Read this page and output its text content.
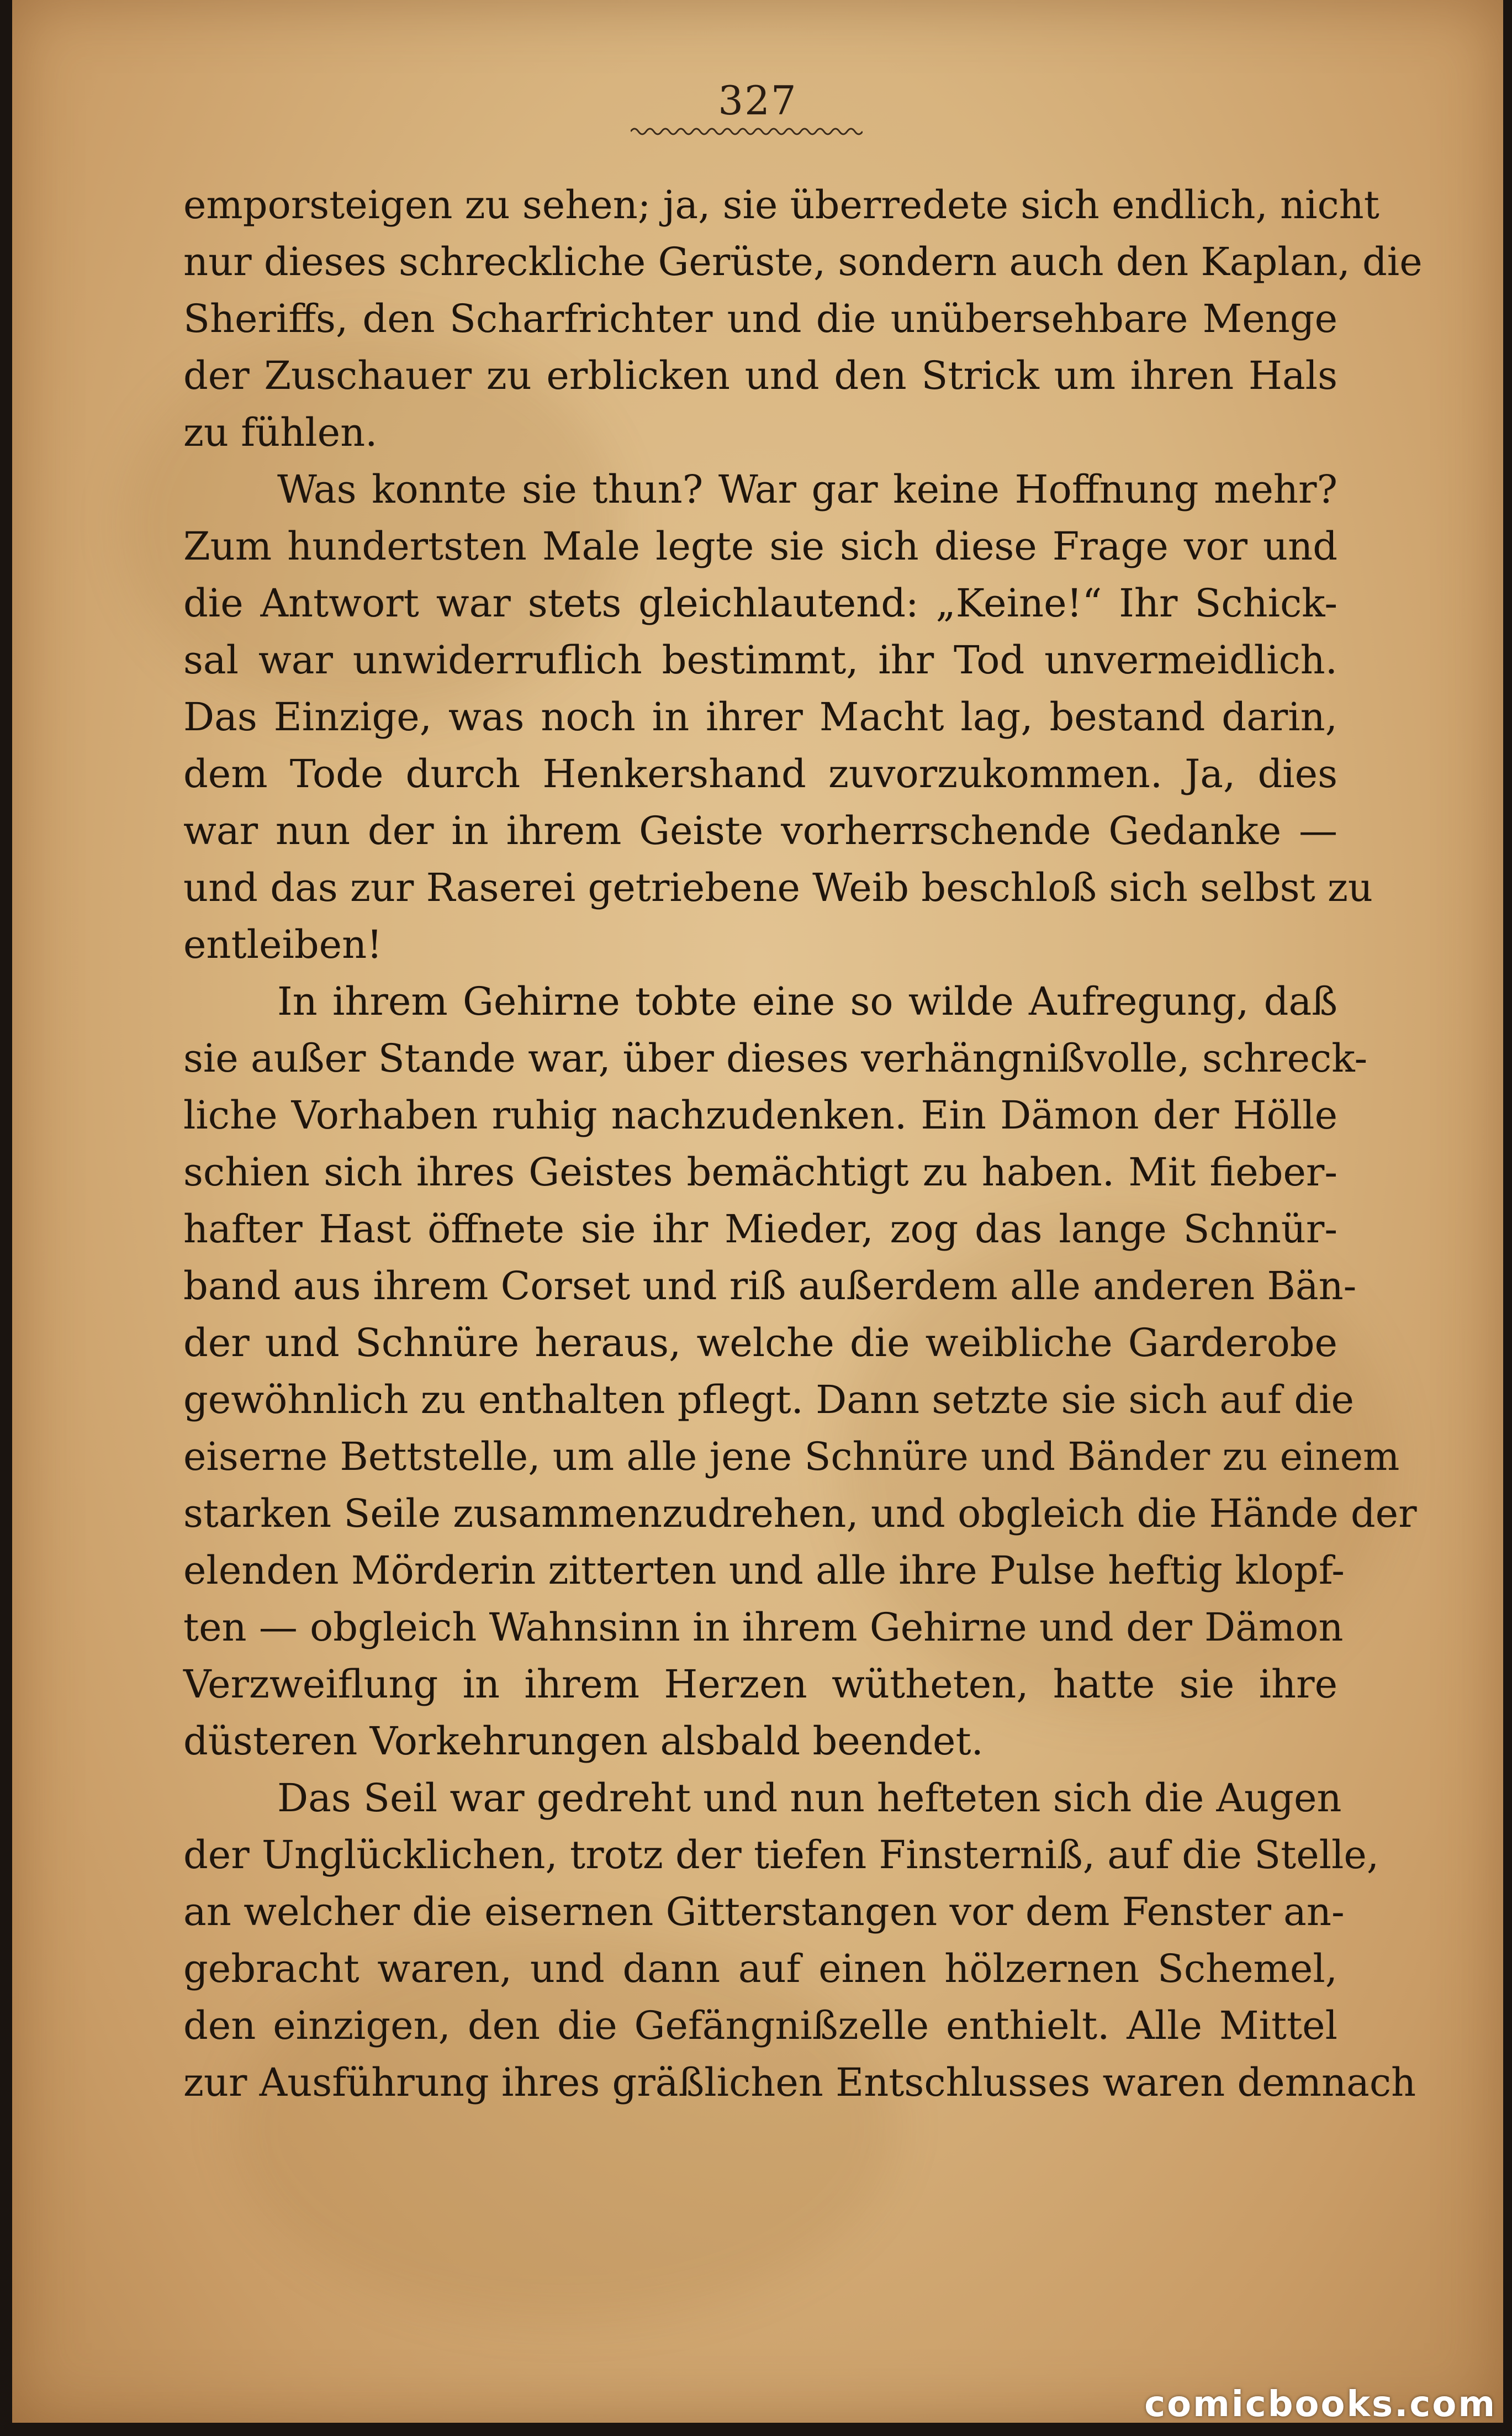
327
emporsteigen zu sehen; ja, sie überredete sich endlich, nicht
nur dieses schreckliche Gerüste, sondern auch den Kaplan, die
Sheriffs, den Scharfrichter und die unübersehbare Menge
der Zuschauer zu erblicken und den Strick um ihren Hals
zu fühlen.
Was konnte sie thun? War gar keine Hoffnung mehr?
Zum hundertsten Male legte sie sich diese Frage vor und
die Antwort war stets gleichlautend: „Keine!“ Ihr Schick-
sal war unwiderruflich bestimmt, ihr Tod unvermeidlich.
Das Einzige, was noch in ihrer Macht lag, bestand darin,
dem Tode durch Henkershand zuvorzukommen. Ja, dies
war nun der in ihrem Geiste vorherrschende Gedanke —
und das zur Raserei getriebene Weib beschloß sich selbst zu
entleiben!
In ihrem Gehirne tobte eine so wilde Aufregung, daß
sie außer Stande war, über dieses verhängnißvolle, schreck-
liche Vorhaben ruhig nachzudenken. Ein Dämon der Hölle
schien sich ihres Geistes bemächtigt zu haben. Mit fieber-
hafter Hast öffnete sie ihr Mieder, zog das lange Schnür-
band aus ihrem Corset und riß außerdem alle anderen Bän-
der und Schnüre heraus, welche die weibliche Garderobe
gewöhnlich zu enthalten pflegt. Dann setzte sie sich auf die
eiserne Bettstelle, um alle jene Schnüre und Bänder zu einem
starken Seile zusammenzudrehen, und obgleich die Hände der
elenden Mörderin zitterten und alle ihre Pulse heftig klopf-
ten — obgleich Wahnsinn in ihrem Gehirne und der Dämon
Verzweiflung in ihrem Herzen wütheten, hatte sie ihre
düsteren Vorkehrungen alsbald beendet.
Das Seil war gedreht und nun hefteten sich die Augen
der Unglücklichen, trotz der tiefen Finsterniß, auf die Stelle,
an welcher die eisernen Gitterstangen vor dem Fenster an-
gebracht waren, und dann auf einen hölzernen Schemel,
den einzigen, den die Gefängnißzelle enthielt. Alle Mittel
zur Ausführung ihres gräßlichen Entschlusses waren demnach
comicbooks.com
